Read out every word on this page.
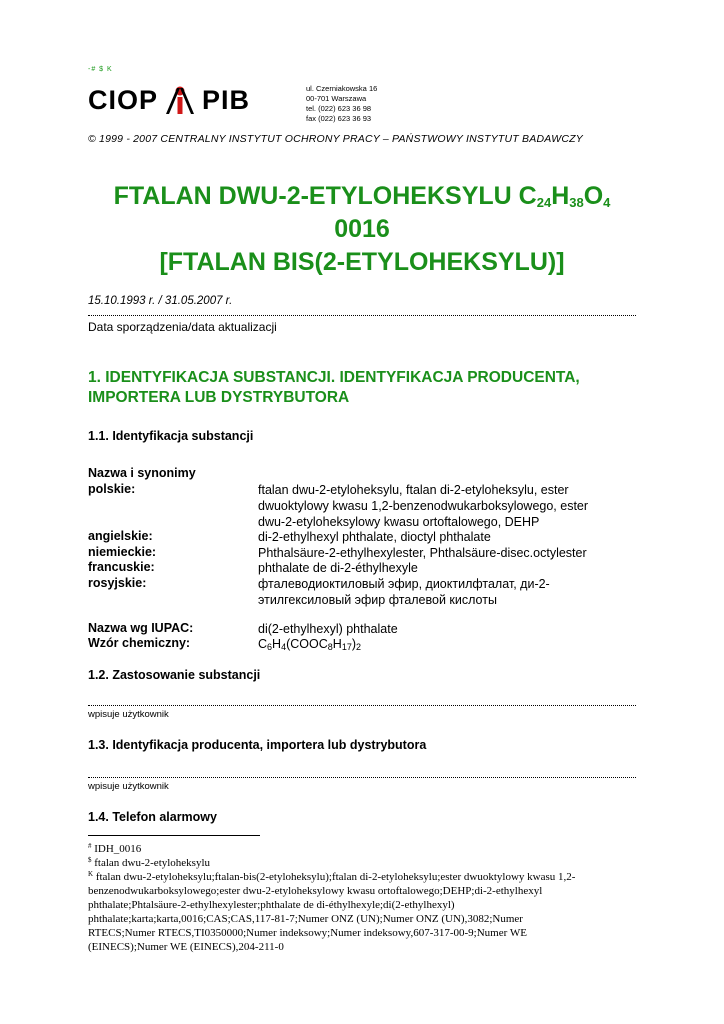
-# $ K
CIOP PIB	ul. Czerniakowska 16
00-701 Warszawa
tel. (022) 623 36 98
fax (022) 623 36 93
© 1999 - 2007 CENTRALNY INSTYTUT OCHRONY PRACY – PAŃSTWOWY INSTYTUT BADAWCZY
FTALAN DWU-2-ETYLOHEKSYLU $C_{24}H_{38}O_4$
0016
[FTALAN BIS(2-ETYLOHEKSYLU)]
15.10.1993 r. / 31.05.2007 r.
Data sporządzenia/data aktualizacji
1. IDENTYFIKACJA SUBSTANCJI. IDENTYFIKACJA PRODUCENTA,
IMPORTERA LUB DYSTRYBUTORA
1.1. Identyfikacja substancji
Nazwa i synonimy
polskie:	ftalan dwu-2-etyloheksylu, ftalan di-2-etyloheksylu, ester
dwuoktylowy kwasu 1,2-benzenodwukarboksylowego, ester
dwu-2-etyloheksylowy kwasu ortoftalowego, DEHP
angielskie:	di-2-ethylhexyl phthalate, dioctyl phthalate
niemieckie:	Phthalsäure-2-ethylhexylester, Phthalsäure-disec.octylester
francuskie:	phthalate de di-2-éthylhexyle
rosyjskie:	фталеводиоктиловый эфир, диоктилфталат, ди-2-
этилгексиловый эфир фталевой кислоты
Nazwa wg IUPAC:	di(2-ethylhexyl) phthalate
Wzór chemiczny:	$C_6H_4(COOC_8H_{17})_2$
1.2. Zastosowanie substancji
wpisuje użytkownik
1.3. Identyfikacja producenta, importera lub dystrybutora
wpisuje użytkownik
1.4. Telefon alarmowy
# IDH_0016
$ ftalan dwu-2-etyloheksylu
$^K$ ftalan dwu-2-etyloheksylu;ftalan-bis(2-etyloheksylu);ftalan di-2-etyloheksylu;ester dwuoktylowy kwasu 1,2-
benzenodwukarboksylowego;ester dwu-2-etyloheksylowy kwasu ortoftalowego;DEHP;di-2-ethylhexyl
phthalate;Phtalsäure-2-ethylhexylester;phthalate de di-éthylhexyle;di(2-ethylhexyl)
phthalate;karta;karta,0016;CAS;CAS,117-81-7;Numer ONZ (UN);Numer ONZ (UN),3082;Numer
RTECS;Numer RTECS,TI0350000;Numer indeksowy;Numer indeksowy,607-317-00-9;Numer WE
(EINECS);Numer WE (EINECS),204-211-0
